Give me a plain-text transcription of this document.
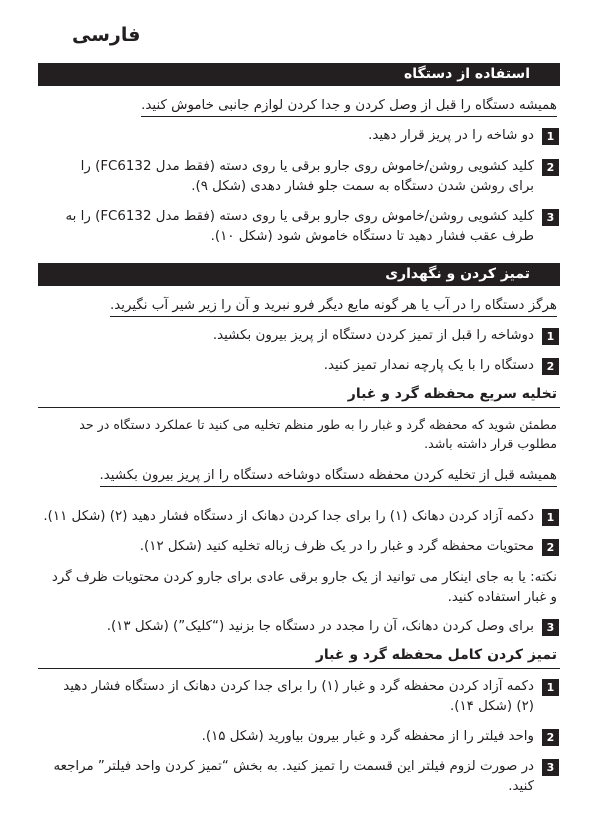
فارسی
استفاده از دستگاه
همیشه دستگاه را قبل از وصل کردن و جدا کردن لوازم جانبی خاموش کنید.
1
دو شاخه را در پریز قرار دهید.
2
کلید کشویی روشن/خاموش روی جارو برقی یا روی دسته (فقط مدل FC6132) را
برای روشن شدن دستگاه به سمت جلو فشار دهدی (شکل ۹).
3
کلید کشویی روشن/خاموش روی جارو برقی یا روی دسته (فقط مدل FC6132) را به
طرف عقب فشار دهید تا دستگاه خاموش شود (شکل ۱۰).
تمیز کردن و نگهداری
هرگز دستگاه را در آب یا هر گونه مایع دیگر فرو نبرید و آن را زیر شیر آب نگیرید.
1
دوشاخه را قبل از تمیز کردن دستگاه از پریز بیرون بکشید.
2
دستگاه را با یک پارچه نمدار تمیز کنید.
تخلیه سریع محفظه گرد و غبار
مطمئن شوید که محفظه گرد و غبار را به طور منظم تخلیه می کنید تا عملکرد دستگاه در حد
مطلوب قرار داشته باشد.
همیشه قبل از تخلیه کردن محفظه دستگاه دوشاخه دستگاه را از پریز بیرون بکشید.
1
دکمه آزاد کردن دهانک (۱) را برای جدا کردن دهانک از دستگاه فشار دهید (۲) (شکل ۱۱).
2
محتویات محفظه گرد و غبار را در یک ظرف زباله تخلیه کنید (شکل ۱۲).
نکته: یا به جای اینکار می توانید از یک جارو برقی عادی برای جارو کردن محتویات ظرف گرد
و غبار استفاده کنید.
3
برای وصل کردن دهانک، آن را مجدد در دستگاه جا بزنید (“کلیک”) (شکل ۱۳).
تمیز کردن کامل محفظه گرد و غبار
1
دکمه آزاد کردن محفظه گرد و غبار (۱) را برای جدا کردن دهانک از دستگاه فشار دهید
(۲) (شکل ۱۴).
2
واحد فیلتر را از محفظه گرد و غبار بیرون بیاورید (شکل ۱۵).
3
در صورت لزوم فیلتر این قسمت را تمیز کنید. به بخش “تمیز کردن واحد فیلتر” مراجعه
کنید.
